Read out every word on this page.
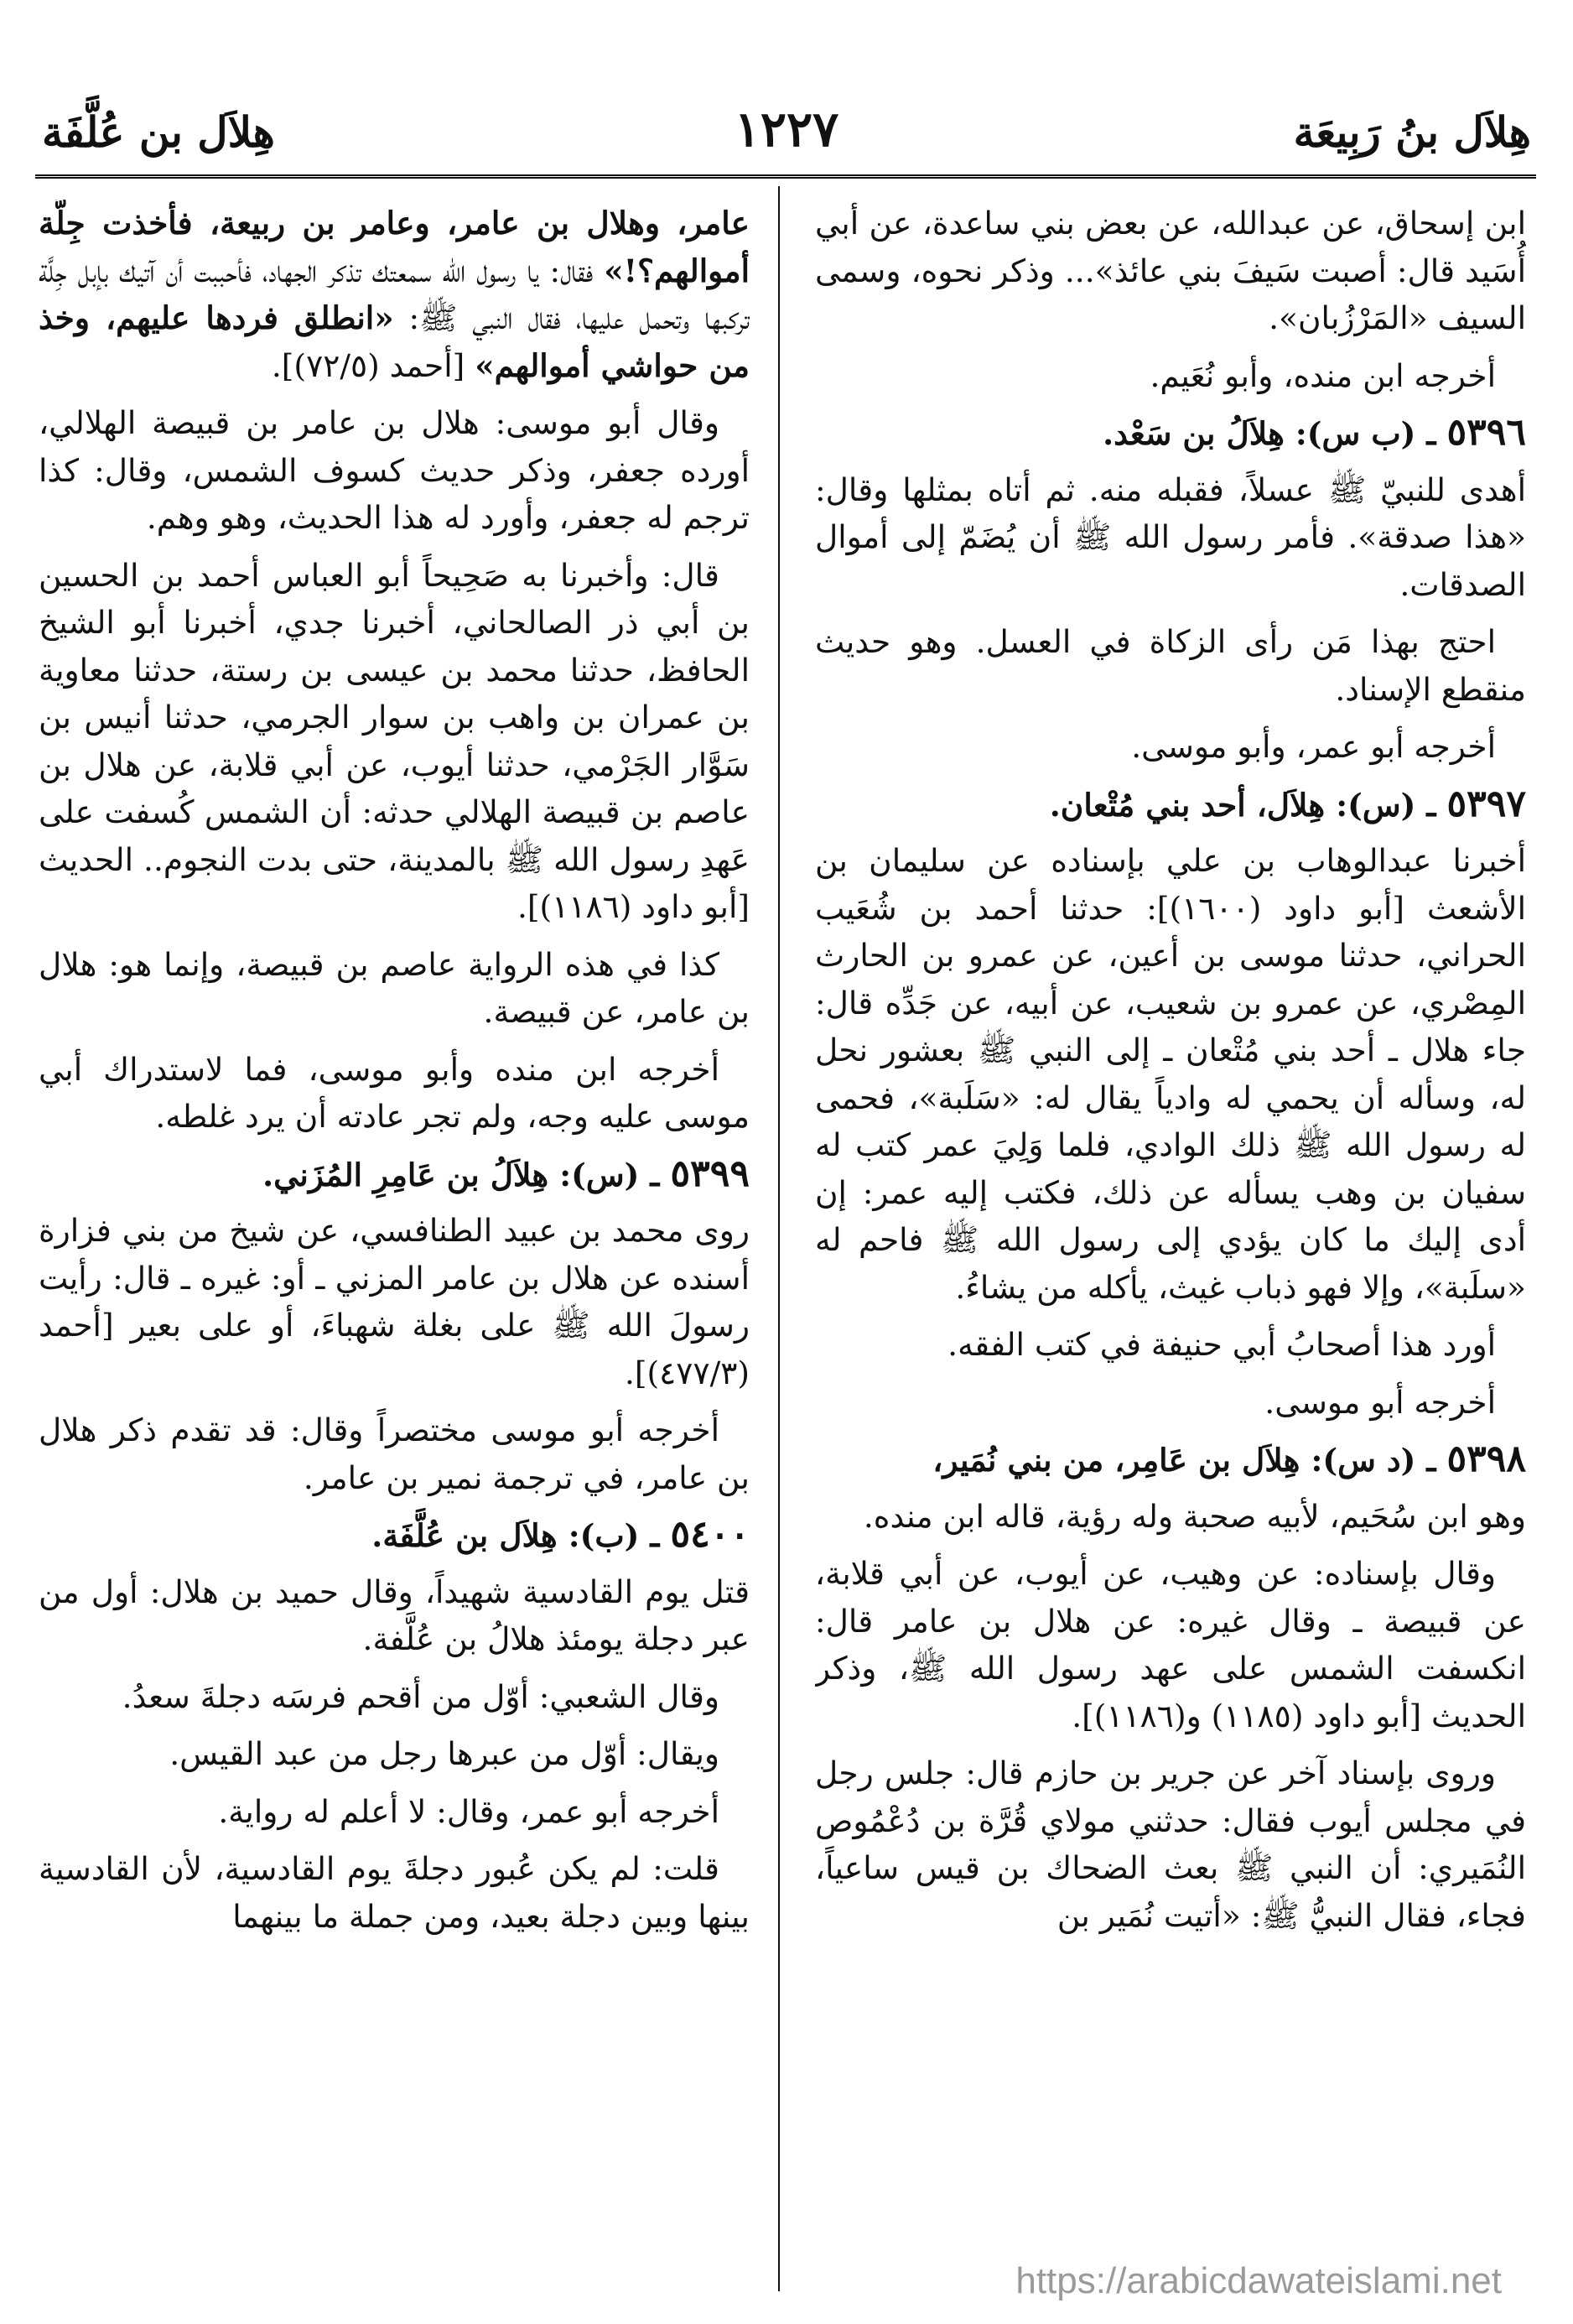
هِلاَل بنُ رَبِيعَة
١٢٢٧
هِلاَل بن عُلَّفَة

ابن إسحاق، عن عبدالله، عن بعض بني ساعدة، عن أبي أُسَيد قال: أصبت سَيفَ بني عائذ»... وذكر نحوه، وسمى السيف «المَرْزُبان».

أخرجه ابن منده، وأبو نُعَيم.

٥٣٩٦ ـ (ب س): هِلاَلُ بن سَعْد.

أهدى للنبيّ ﷺ عسلاً، فقبله منه. ثم أتاه بمثلها وقال: «هذا صدقة». فأمر رسول الله ﷺ أن يُضَمّ إلى أموال الصدقات.

احتج بهذا مَن رأى الزكاة في العسل. وهو حديث منقطع الإسناد.

أخرجه أبو عمر، وأبو موسى.

٥٣٩٧ ـ (س): هِلاَل، أحد بني مُتْعان.

أخبرنا عبدالوهاب بن علي بإسناده عن سليمان بن الأشعث [أبو داود (١٦٠٠)]: حدثنا أحمد بن شُعَيب الحراني، حدثنا موسى بن أعين، عن عمرو بن الحارث المِصْري، عن عمرو بن شعيب، عن أبيه، عن جَدِّه قال: جاء هلال ـ أحد بني مُتْعان ـ إلى النبي ﷺ بعشور نحل له، وسأله أن يحمي له وادياً يقال له: «سَلَبة»، فحمى له رسول الله ﷺ ذلك الوادي، فلما وَلِيَ عمر كتب له سفيان بن وهب يسأله عن ذلك، فكتب إليه عمر: إن أدى إليك ما كان يؤدي إلى رسول الله ﷺ فاحم له «سلَبة»، وإلا فهو ذباب غيث، يأكله من يشاءُ.

أورد هذا أصحابُ أبي حنيفة في كتب الفقه.

أخرجه أبو موسى.

٥٣٩٨ ـ (د س): هِلاَل بن عَامِر، من بني نُمَير،

وهو ابن سُحَيم، لأبيه صحبة وله رؤية، قاله ابن منده.

وقال بإسناده: عن وهيب، عن أيوب، عن أبي قلابة، عن قبيصة ـ وقال غيره: عن هلال بن عامر قال: انكسفت الشمس على عهد رسول الله ﷺ، وذكر الحديث [أبو داود (١١٨٥) و(١١٨٦)].

وروى بإسناد آخر عن جرير بن حازم قال: جلس رجل في مجلس أيوب فقال: حدثني مولاي قُرَّة بن دُعْمُوص النُمَيري: أن النبي ﷺ بعث الضحاك بن قيس ساعياً، فجاء، فقال النبيُّ ﷺ: «أتيت نُمَير بن

عامر، وهلال بن عامر، وعامر بن ربيعة، فأخذت جِلَّة أموالهم؟!» فقال: يا رسول الله سمعتك تذكر الجهاد، فأحببت أن آتيك بإبل جِلَّة تركبها وتحمل عليها، فقال النبي ﷺ: «انطلق فردها عليهم، وخذ من حواشي أموالهم» [أحمد (٧٢/٥)].

وقال أبو موسى: هلال بن عامر بن قبيصة الهلالي، أورده جعفر، وذكر حديث كسوف الشمس، وقال: كذا ترجم له جعفر، وأورد له هذا الحديث، وهو وهم.

قال: وأخبرنا به صَحِيحاً أبو العباس أحمد بن الحسين بن أبي ذر الصالحاني، أخبرنا جدي، أخبرنا أبو الشيخ الحافظ، حدثنا محمد بن عيسى بن رستة، حدثنا معاوية بن عمران بن واهب بن سوار الجرمي، حدثنا أنيس بن سَوَّار الجَرْمي، حدثنا أيوب، عن أبي قلابة، عن هلال بن عاصم بن قبيصة الهلالي حدثه: أن الشمس كُسفت على عَهدِ رسول الله ﷺ بالمدينة، حتى بدت النجوم.. الحديث [أبو داود (١١٨٦)].

كذا في هذه الرواية عاصم بن قبيصة، وإنما هو: هلال بن عامر، عن قبيصة.

أخرجه ابن منده وأبو موسى، فما لاستدراك أبي موسى عليه وجه، ولم تجر عادته أن يرد غلطه.

٥٣٩٩ ـ (س): هِلاَلُ بن عَامِرِ المُزَني.

روى محمد بن عبيد الطنافسي، عن شيخ من بني فزارة أسنده عن هلال بن عامر المزني ـ أو: غيره ـ قال: رأيت رسولَ الله ﷺ على بغلة شهباءَ، أو على بعير [أحمد (٤٧٧/٣)].

أخرجه أبو موسى مختصراً وقال: قد تقدم ذكر هلال بن عامر، في ترجمة نمير بن عامر.

٥٤٠٠ ـ (ب): هِلاَل بن عُلَّفَة.

قتل يوم القادسية شهيداً، وقال حميد بن هلال: أول من عبر دجلة يومئذ هلالُ بن عُلَّفة.

وقال الشعبي: أوّل من أقحم فرسَه دجلةَ سعدُ.

ويقال: أوّل من عبرها رجل من عبد القيس.

أخرجه أبو عمر، وقال: لا أعلم له رواية.

قلت: لم يكن عُبور دجلةَ يوم القادسية، لأن القادسية بينها وبين دجلة بعيد، ومن جملة ما بينهما

https://arabicdawateislami.net
